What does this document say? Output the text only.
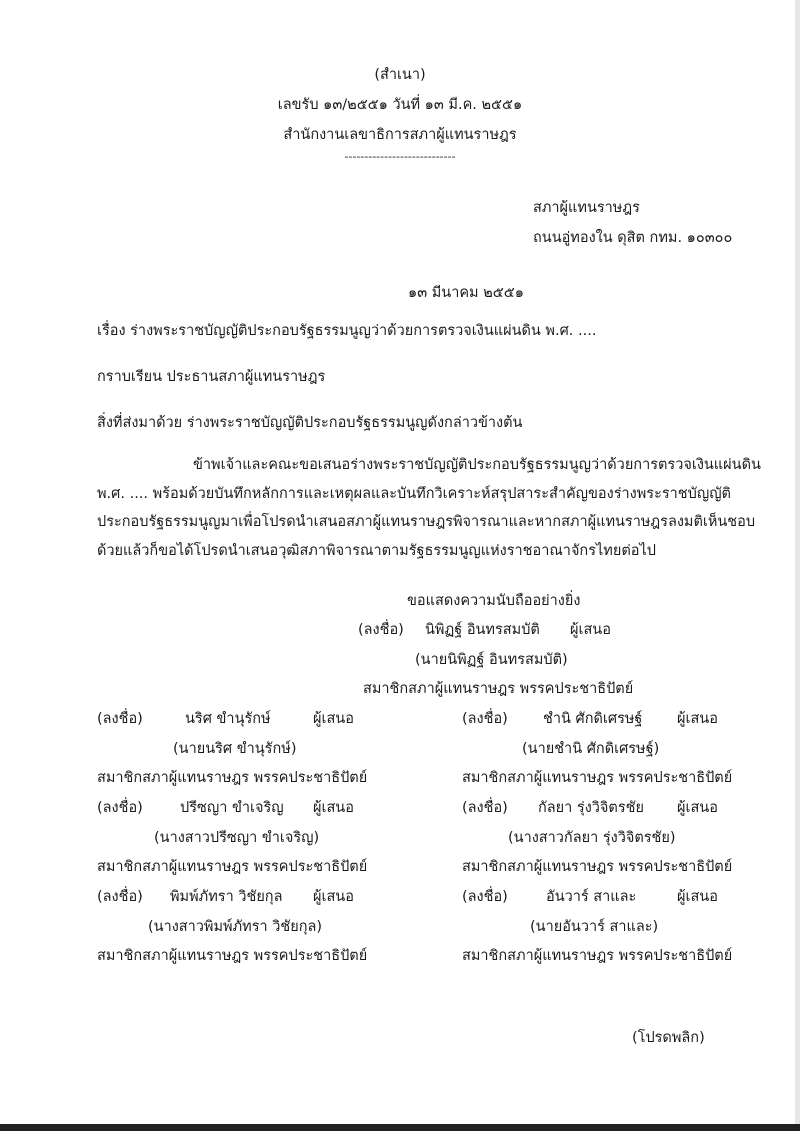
(สำเนา)
เลขรับ ๑๓/๒๕๕๑ วันที่ ๑๓ มี.ค. ๒๕๕๑
สำนักงานเลขาธิการสภาผู้แทนราษฎร
----------------------------
สภาผู้แทนราษฎร
ถนนอู่ทองใน ดุสิต กทม. ๑๐๓๐๐
๑๓ มีนาคม ๒๕๕๑
เรื่อง ร่างพระราชบัญญัติประกอบรัฐธรรมนูญว่าด้วยการตรวจเงินแผ่นดิน พ.ศ. ....
กราบเรียน ประธานสภาผู้แทนราษฎร
สิ่งที่ส่งมาด้วย ร่างพระราชบัญญัติประกอบรัฐธรรมนูญดังกล่าวข้างต้น
ข้าพเจ้าและคณะขอเสนอร่างพระราชบัญญัติประกอบรัฐธรรมนูญว่าด้วยการตรวจเงินแผ่นดิน
พ.ศ. .... พร้อมด้วยบันทึกหลักการและเหตุผลและบันทึกวิเคราะห์สรุปสาระสำคัญของร่างพระราชบัญญัติ
ประกอบรัฐธรรมนูญมาเพื่อโปรดนำเสนอสภาผู้แทนราษฎรพิจารณาและหากสภาผู้แทนราษฎรลงมติเห็นชอบ
ด้วยแล้วก็ขอได้โปรดนำเสนอวุฒิสภาพิจารณาตามรัฐธรรมนูญแห่งราชอาณาจักรไทยต่อไป
ขอแสดงความนับถืออย่างยิ่ง
(ลงชื่อ) นิพิฏฐ์ อินทรสมบัติ ผู้เสนอ
(นายนิพิฏฐ์ อินทรสมบัติ)
สมาชิกสภาผู้แทนราษฎร พรรคประชาธิปัตย์
(ลงชื่อ)	นริศ ขำนุรักษ์	ผู้เสนอ
(นายนริศ ขำนุรักษ์)
สมาชิกสภาผู้แทนราษฎร พรรคประชาธิปัตย์
(ลงชื่อ)	ปรีซญา ขำเจริญ ผู้เสนอ
(นางสาวปรีซญา ขำเจริญ)
สมาชิกสภาผู้แทนราษฎร พรรคประชาธิปัตย์
(ลงชื่อ) พิมพ์ภัทรา วิชัยกุล ผู้เสนอ
(นางสาวพิมพ์ภัทรา วิชัยกุล)
สมาชิกสภาผู้แทนราษฎร พรรคประชาธิปัตย์
(ลงชื่อ) ชำนิ ศักดิเศรษฐ์ ผู้เสนอ
(นายชำนิ ศักดิเศรษฐ์)
สมาชิกสภาผู้แทนราษฎร พรรคประชาธิปัตย์
(ลงชื่อ) กัลยา รุ่งวิจิตรชัย ผู้เสนอ
(นางสาวกัลยา รุ่งวิจิตรชัย)
สมาชิกสภาผู้แทนราษฎร พรรคประชาธิปัตย์
(ลงชื่อ)	อันวาร์ สาและ	ผู้เสนอ
(นายอันวาร์ สาและ)
สมาชิกสภาผู้แทนราษฎร พรรคประชาธิปัตย์
(โปรดพลิก)
